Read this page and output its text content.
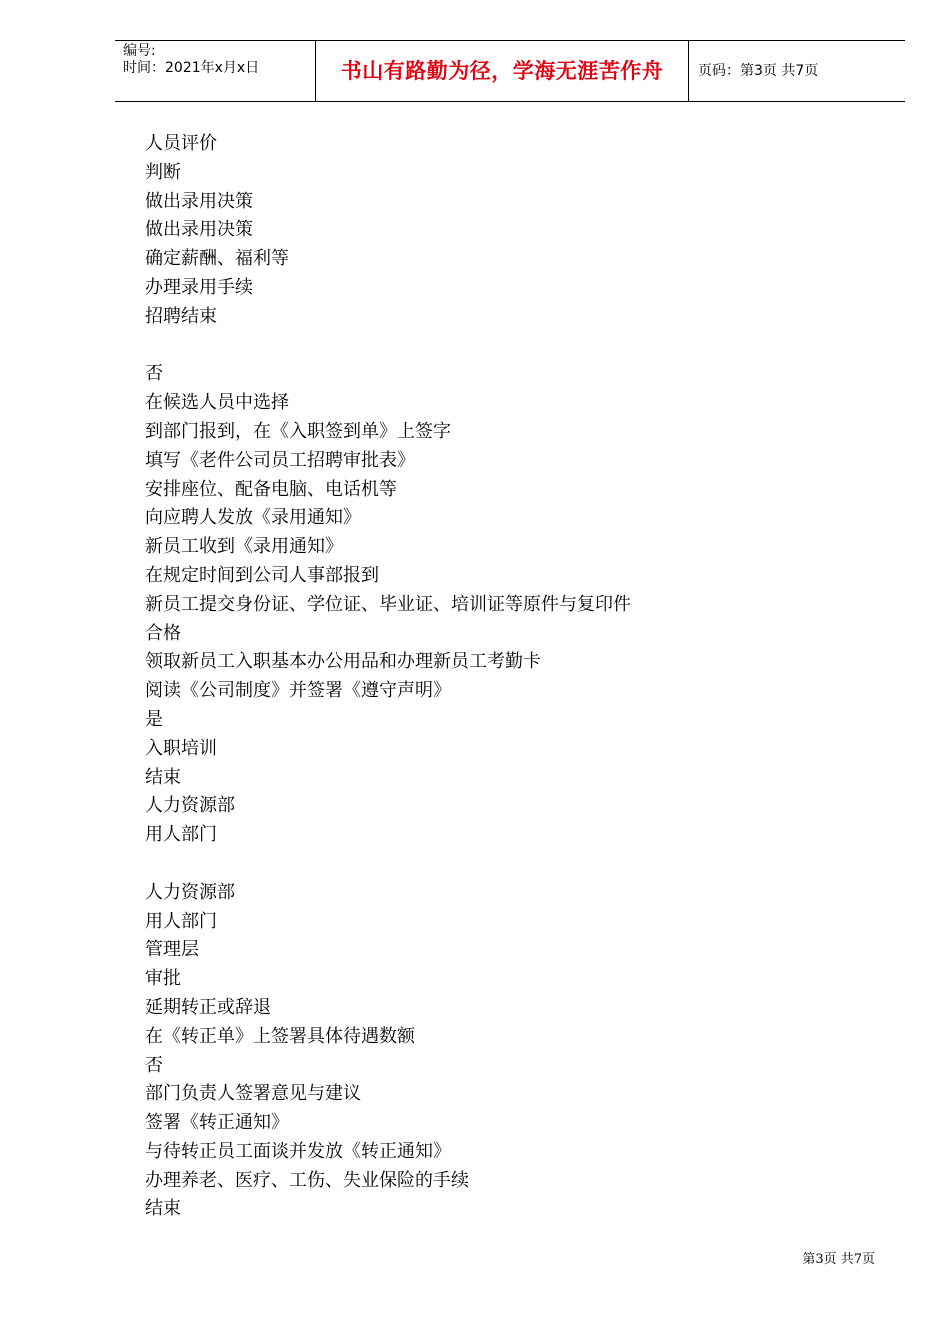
编号:
时间：2021年x月x日	书山有路勤为径，学海无涯苦作舟	页码：第3页 共7页
人员评价
判断
做出录用决策
做出录用决策
确定薪酬、福利等
办理录用手续
招聘结束
否
在候选人员中选择
到部门报到，在《入职签到单》上签字
填写《老件公司员工招聘审批表》
安排座位、配备电脑、电话机等
向应聘人发放《录用通知》
新员工收到《录用通知》
在规定时间到公司人事部报到
新员工提交身份证、学位证、毕业证、培训证等原件与复印件
合格
领取新员工入职基本办公用品和办理新员工考勤卡
阅读《公司制度》并签署《遵守声明》
是
入职培训
结束
人力资源部
用人部门
人力资源部
用人部门
管理层
审批
延期转正或辞退
在《转正单》上签署具体待遇数额
否
部门负责人签署意见与建议
签署《转正通知》
与待转正员工面谈并发放《转正通知》
办理养老、医疗、工伤、失业保险的手续
结束
第3页 共7页
